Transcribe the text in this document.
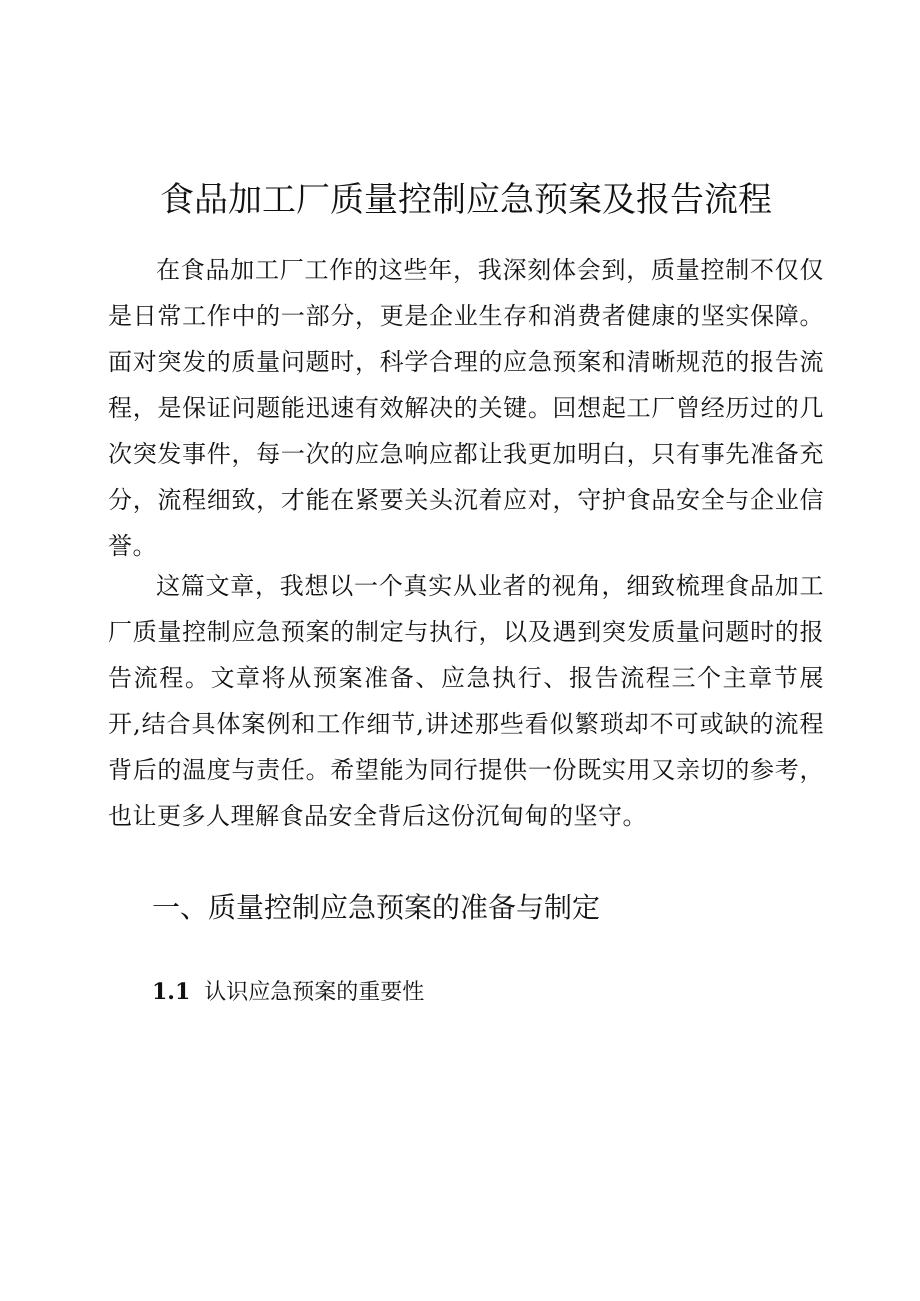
食品加工厂质量控制应急预案及报告流程

在食品加工厂工作的这些年，我深刻体会到，质量控制不仅仅是日常工作中的一部分，更是企业生存和消费者健康的坚实保障。面对突发的质量问题时，科学合理的应急预案和清晰规范的报告流程，是保证问题能迅速有效解决的关键。回想起工厂曾经历过的几次突发事件，每一次的应急响应都让我更加明白，只有事先准备充分，流程细致，才能在紧要关头沉着应对，守护食品安全与企业信誉。

这篇文章，我想以一个真实从业者的视角，细致梳理食品加工厂质量控制应急预案的制定与执行，以及遇到突发质量问题时的报告流程。文章将从预案准备、应急执行、报告流程三个主章节展开,结合具体案例和工作细节,讲述那些看似繁琐却不可或缺的流程背后的温度与责任。希望能为同行提供一份既实用又亲切的参考，也让更多人理解食品安全背后这份沉甸甸的坚守。

一、质量控制应急预案的准备与制定
1.1 认识应急预案的重要性
